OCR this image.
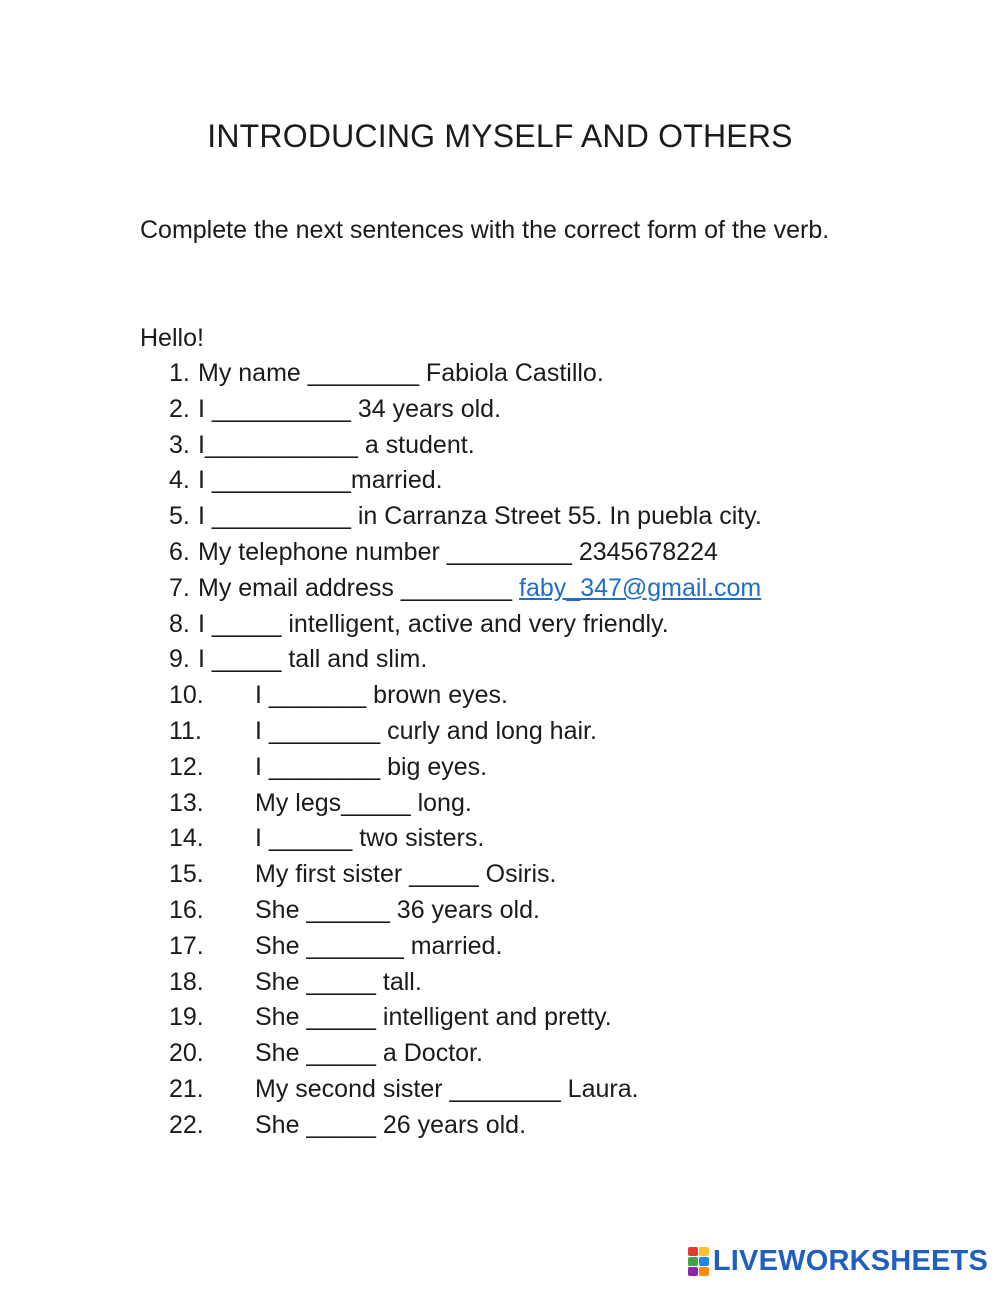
INTRODUCING MYSELF AND OTHERS
Complete the next sentences with the correct form of the verb.
Hello!
1. My name ________ Fabiola Castillo.
2. I __________ 34 years old.
3. I___________ a student.
4. I __________married.
5. I __________ in Carranza Street 55. In puebla city.
6. My telephone number _________ 2345678224
7. My email address ________ faby_347@gmail.com
8. I _____ intelligent, active and very friendly.
9. I _____ tall and slim.
10. I _______ brown eyes.
11. I ________ curly and long hair.
12. I ________ big eyes.
13. My legs_____ long.
14. I ______ two sisters.
15. My first sister _____ Osiris.
16. She ______ 36 years old.
17. She _______ married.
18. She _____ tall.
19. She _____ intelligent and pretty.
20. She _____ a Doctor.
21. My second sister ________ Laura.
22. She _____ 26 years old.
LIVEWORKSHEETS
